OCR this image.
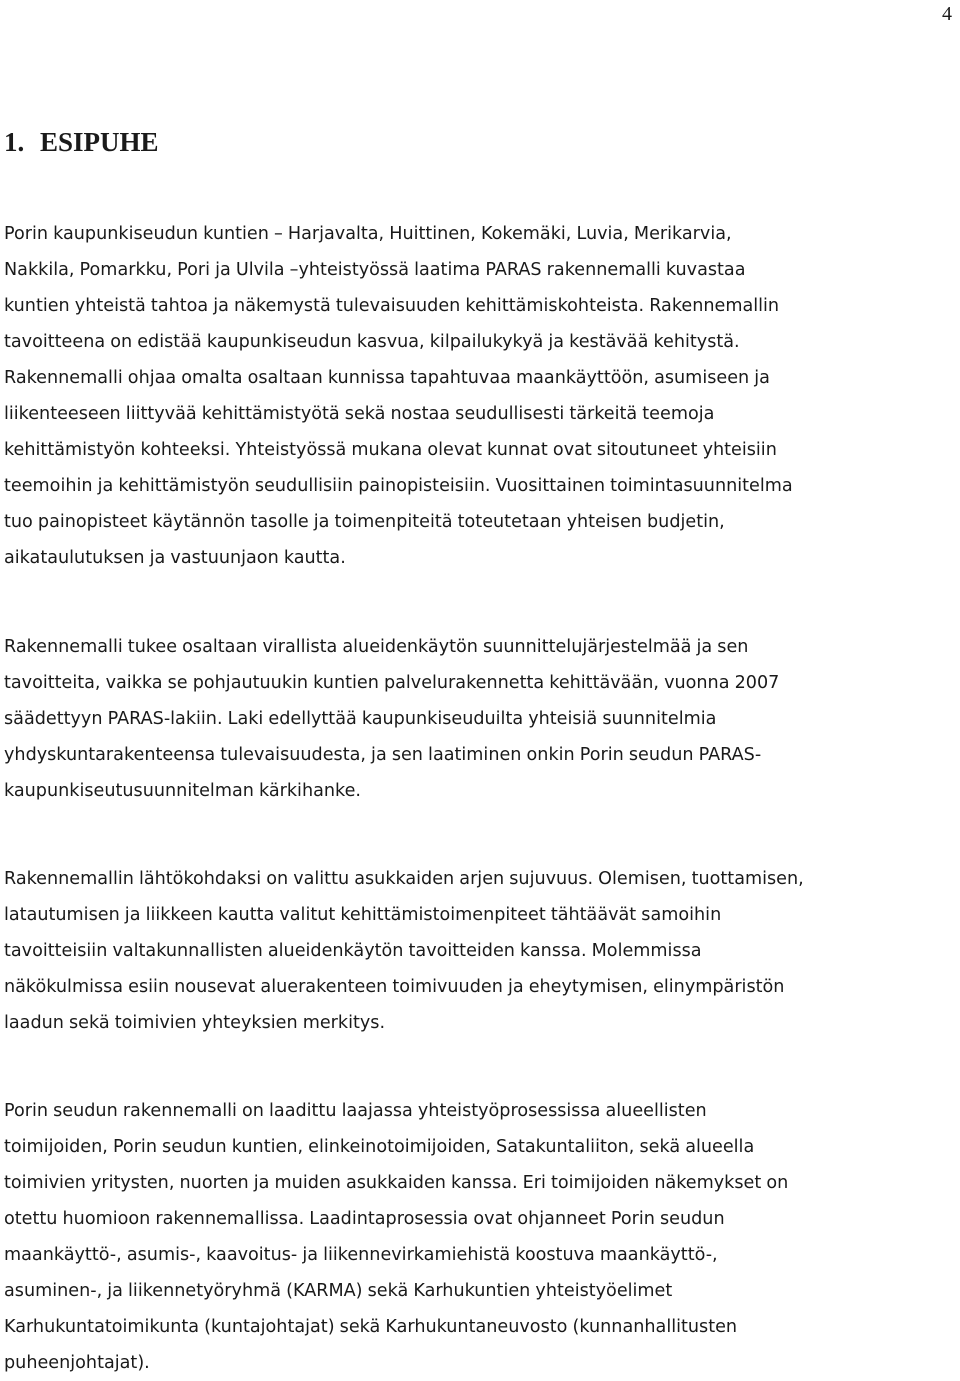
4
1. ESIPUHE

Porin kaupunkiseudun kuntien – Harjavalta, Huittinen, Kokemäki, Luvia, Merikarvia,
Nakkila, Pomarkku, Pori ja Ulvila –yhteistyössä laatima PARAS rakennemalli kuvastaa
kuntien yhteistä tahtoa ja näkemystä tulevaisuuden kehittämiskohteista. Rakennemallin
tavoitteena on edistää kaupunkiseudun kasvua, kilpailukykyä ja kestävää kehitystä.
Rakennemalli ohjaa omalta osaltaan kunnissa tapahtuvaa maankäyttöön, asumiseen ja
liikenteeseen liittyvää kehittämistyötä sekä nostaa seudullisesti tärkeitä teemoja
kehittämistyön kohteeksi. Yhteistyössä mukana olevat kunnat ovat sitoutuneet yhteisiin
teemoihin ja kehittämistyön seudullisiin painopisteisiin. Vuosittainen toimintasuunnitelma
tuo painopisteet käytännön tasolle ja toimenpiteitä toteutetaan yhteisen budjetin,
aikataulutuksen ja vastuunjaon kautta.

Rakennemalli tukee osaltaan virallista alueidenkäytön suunnittelujärjestelmää ja sen
tavoitteita, vaikka se pohjautuukin kuntien palvelurakennetta kehittävään, vuonna 2007
säädettyyn PARAS-lakiin. Laki edellyttää kaupunkiseuduilta yhteisiä suunnitelmia
yhdyskuntarakenteensa tulevaisuudesta, ja sen laatiminen onkin Porin seudun PARAS-
kaupunkiseutusuunnitelman kärkihanke.

Rakennemallin lähtökohdaksi on valittu asukkaiden arjen sujuvuus. Olemisen, tuottamisen,
latautumisen ja liikkeen kautta valitut kehittämistoimenpiteet tähtäävät samoihin
tavoitteisiin valtakunnallisten alueidenkäytön tavoitteiden kanssa. Molemmissa
näkökulmissa esiin nousevat aluerakenteen toimivuuden ja eheytymisen, elinympäristön
laadun sekä toimivien yhteyksien merkitys.

Porin seudun rakennemalli on laadittu laajassa yhteistyöprosessissa alueellisten
toimijoiden, Porin seudun kuntien, elinkeinotoimijoiden, Satakuntaliiton, sekä alueella
toimivien yritysten, nuorten ja muiden asukkaiden kanssa. Eri toimijoiden näkemykset on
otettu huomioon rakennemallissa. Laadintaprosessia ovat ohjanneet Porin seudun
maankäyttö-, asumis-, kaavoitus- ja liikennevirkamiehistä koostuva maankäyttö-,
asuminen-, ja liikennetyöryhmä (KARMA) sekä Karhukuntien yhteistyöelimet
Karhukuntatoimikunta (kuntajohtajat) sekä Karhukuntaneuvosto (kunnanhallitusten
puheenjohtajat).
